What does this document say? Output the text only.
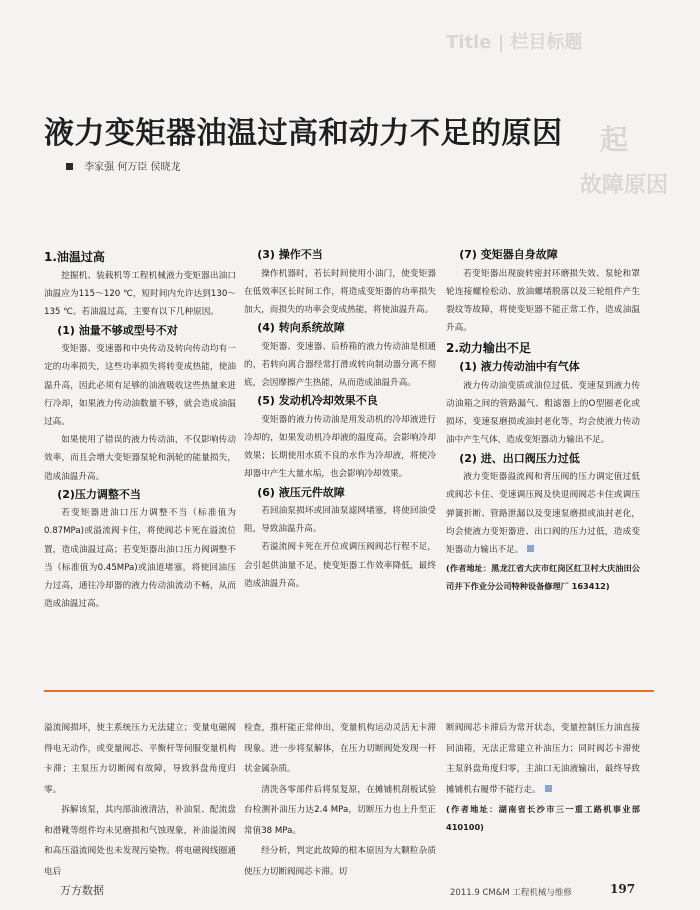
Title | 栏目标题
起
故障原因
液力变矩器油温过高和动力不足的原因
李家强 何万臣 侯晓龙
1.油温过高

挖掘机、装载机等工程机械液力变矩器出油口油温应为115～120 ℃，短时间内允许达到130～135 ℃。若油温过高，主要有以下几种原因。

(1) 油量不够或型号不对

变矩器、变速器和中央传动及转向传动均有一定的功率损失，这些功率损失将转变成热能，使油温升高，因此必须有足够的油液吸收这些热量来进行冷却，如果液力传动油数量不够，就会造成油温过高。

如果使用了错误的液力传动油，不仅影响传动效率，而且会增大变矩器泵轮和涡轮的能量损失，造成油温升高。

(2)压力调整不当

若变矩器进油口压力调整不当（标准值为0.87MPa)或溢流阀卡住，将使阀芯卡死在溢流位置，造成油温过高；若变矩器出油口压力阀调整不当（标准值为0.45MPa)或油道堵塞，将使回油压力过高，通往冷却器的液力传动油流动不畅，从而造成油温过高。

(3) 操作不当

操作机器时，若长时间使用小油门，使变矩器在低效率区长时间工作，将造成变矩器的功率损失加大，而损失的功率会变成热能，将使油温升高。

(4) 转向系统故障

变矩器、变速器、后桥箱的液力传动油是相通的，若转向离合器经常打滑或转向制动器分离不彻底，会因摩擦产生热能，从而造成油温升高。

(5) 发动机冷却效果不良

变矩器的液力传动油是用发动机的冷却液进行冷却的，如果发动机冷却液的温度高，会影响冷却效果；长期使用水质不良的水作为冷却液，将使冷却器中产生大量水垢，也会影响冷却效果。

(6) 液压元件故障

若回油泵损坏或回油泵滤网堵塞，将使回油受阻，导致油温升高。

若溢流阀卡死在开位或调压阀阀芯行程不足，会引起供油量不足，使变矩器工作效率降低，最终造成油温升高。

(7) 变矩器自身故障

若变矩器出现旋转密封环磨损失效、泵轮和罩轮连接螺栓松动、放油螺堵脱落以及三轮组件产生裂纹等故障，将使变矩器不能正常工作，造成油温升高。

2.动力输出不足
(1) 液力传动油中有气体

液力传动油变质或油位过低、变速泵到液力传动油箱之间的管路漏气、粗滤器上的O型圈老化或损坏、变速泵磨损或油封老化等，均会使液力传动油中产生气体，造成变矩器动力输出不足。

(2) 进、出口阀压力过低

液力变矩器溢流阀和背压阀的压力调定值过低或阀芯卡住、变速调压阀及快退阀阀芯卡住或调压弹簧折断、管路泄漏以及变速泵磨损或油封老化，均会使液力变矩器进、出口阀的压力过低，造成变矩器动力输出不足。

(作者地址：黑龙江省大庆市红岗区红卫村大庆油田公司井下作业分公司特种设备修理厂 163412)

溢流阀损坏，使主系统压力无法建立；变量电磁阀得电无动作，或变量阀芯、平衡杆等伺服变量机构卡滞；主泵压力切断阀有故障，导致斜盘角度归零。

拆解该泵，其内部油液清洁，补油泵、配流盘和滑靴等组件均未见磨损和气蚀现象，补油溢流阀和高压溢流阀处也未发现污染物。将电磁阀线圈通电后

检查，推杆能正常伸出，变量机构运动灵活无卡滞现象。进一步将泵解体，在压力切断阀处发现一杆状金属杂质。

清洗各零部件后将泵复原，在摊铺机刮板试验台检测补油压力达2.4 MPa，切断压力也上升至正常值38 MPa。

经分析，判定此故障的根本原因为大颗粒杂质使压力切断阀阀芯卡滞。切

断阀阀芯卡滞后为常开状态，变量控制压力油直接回油箱，无法正常建立补油压力；同时阀芯卡滞使主泵斜盘角度归零，主油口无油液输出，最终导致摊铺机右履带不能行走。

(作者地址：湖南省长沙市三一重工路机事业部 410100)

万方数据	2011.9 CM&M 工程机械与维修	197
